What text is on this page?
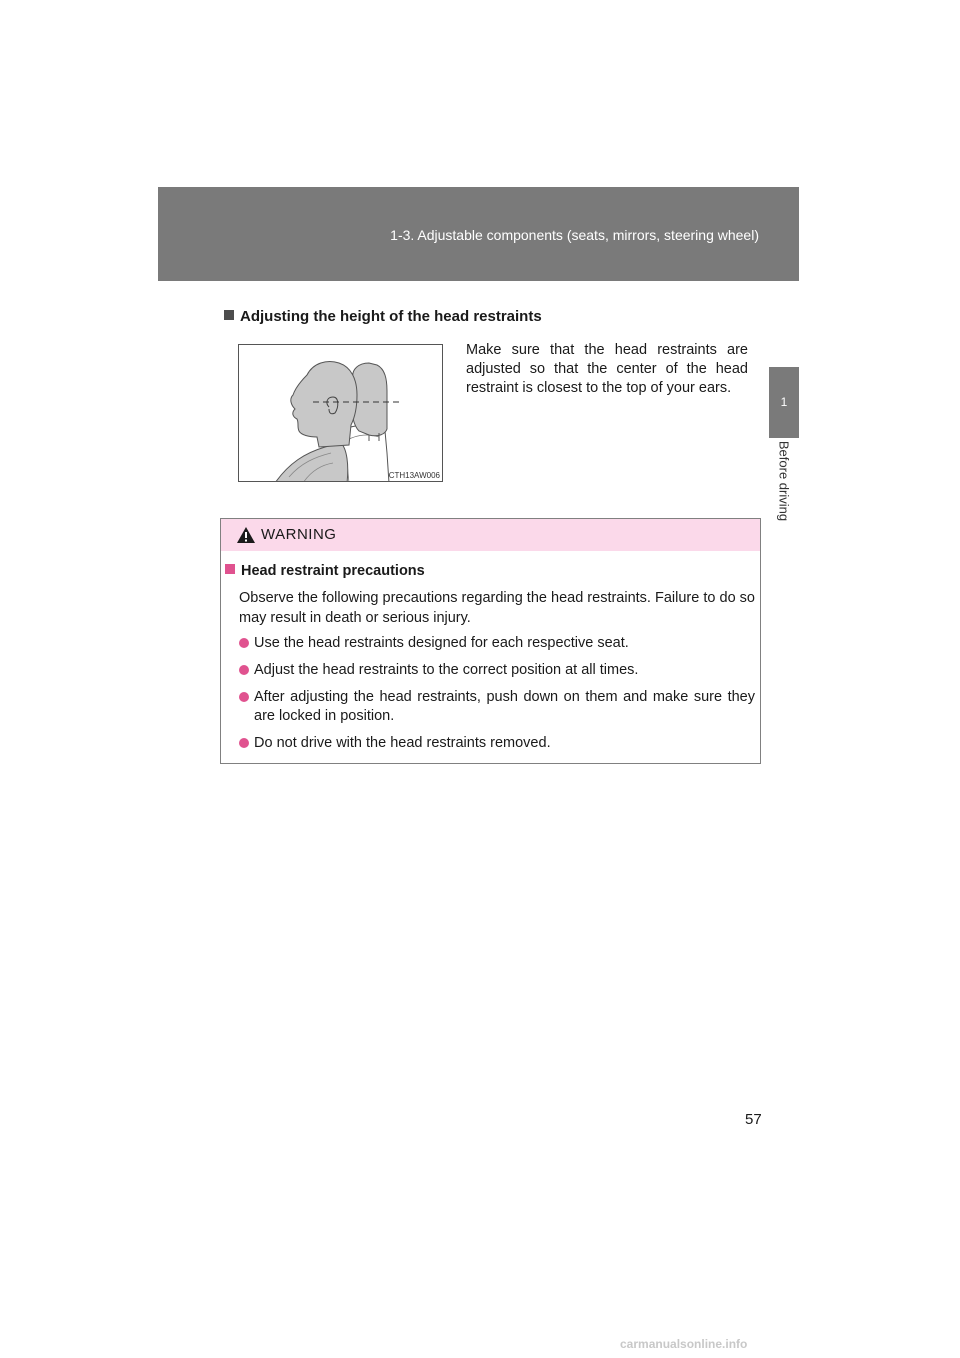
1-3. Adjustable components (seats, mirrors, steering wheel)
1
Before driving
Adjusting the height of the head restraints
CTH13AW006
Make sure that the head restraints are adjusted so that the center of the head restraint is closest to the top of your ears.
WARNING
Head restraint precautions
Observe the following precautions regarding the head restraints. Failure to do so may result in death or serious injury.
Use the head restraints designed for each respective seat.
Adjust the head restraints to the correct position at all times.
After adjusting the head restraints, push down on them and make sure they are locked in position.
Do not drive with the head restraints removed.
57
carmanualsonline.info
